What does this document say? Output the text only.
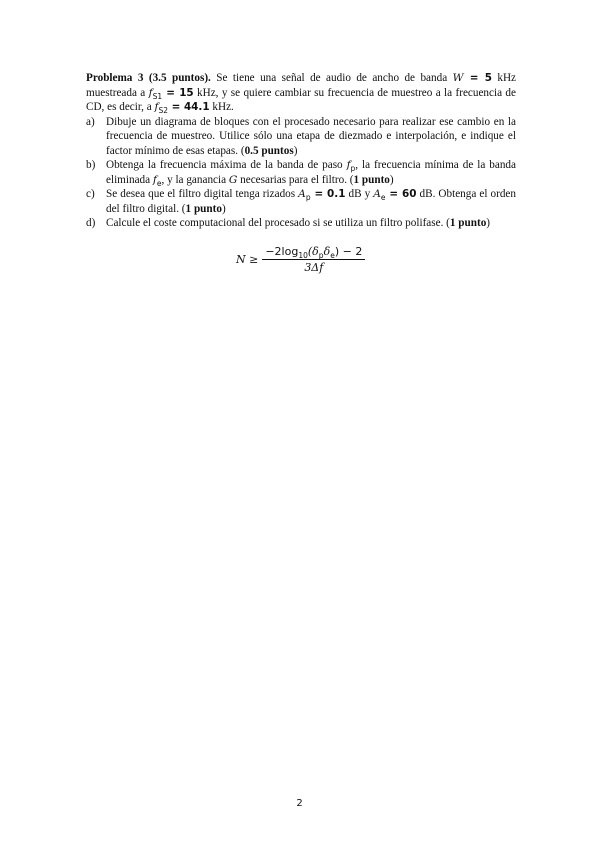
Problema 3 (3.5 puntos). Se tiene una señal de audio de ancho de banda W = 5 kHz muestreada a $f_{S1} = 15$ kHz, y se quiere cambiar su frecuencia de muestreo a la frecuencia de CD, es decir, a $f_{S2} = 44.1$ kHz.

a)	Dibuje un diagrama de bloques con el procesado necesario para realizar ese cambio en la frecuencia de muestreo. Utilice sólo una etapa de diezmado e interpolación, e indique el factor mínimo de esas etapas. (0.5 puntos)
b) Obtenga la frecuencia máxima de la banda de paso $f_p$, la frecuencia mínima de la banda eliminada $f_e$, y la ganancia G necesarias para el filtro. (1 punto)
c)	Se desea que el filtro digital tenga rizados $A_p = 0.1$ dB y $A_e = 60$ dB. Obtenga el orden del filtro digital. (1 punto)
d) Calcule el coste computacional del procesado si se utiliza un filtro polifase. (1 punto)
$N \ge \frac{-2\log_{10}(\delta_p\delta_e) - 2}{3\Delta f}$
2
